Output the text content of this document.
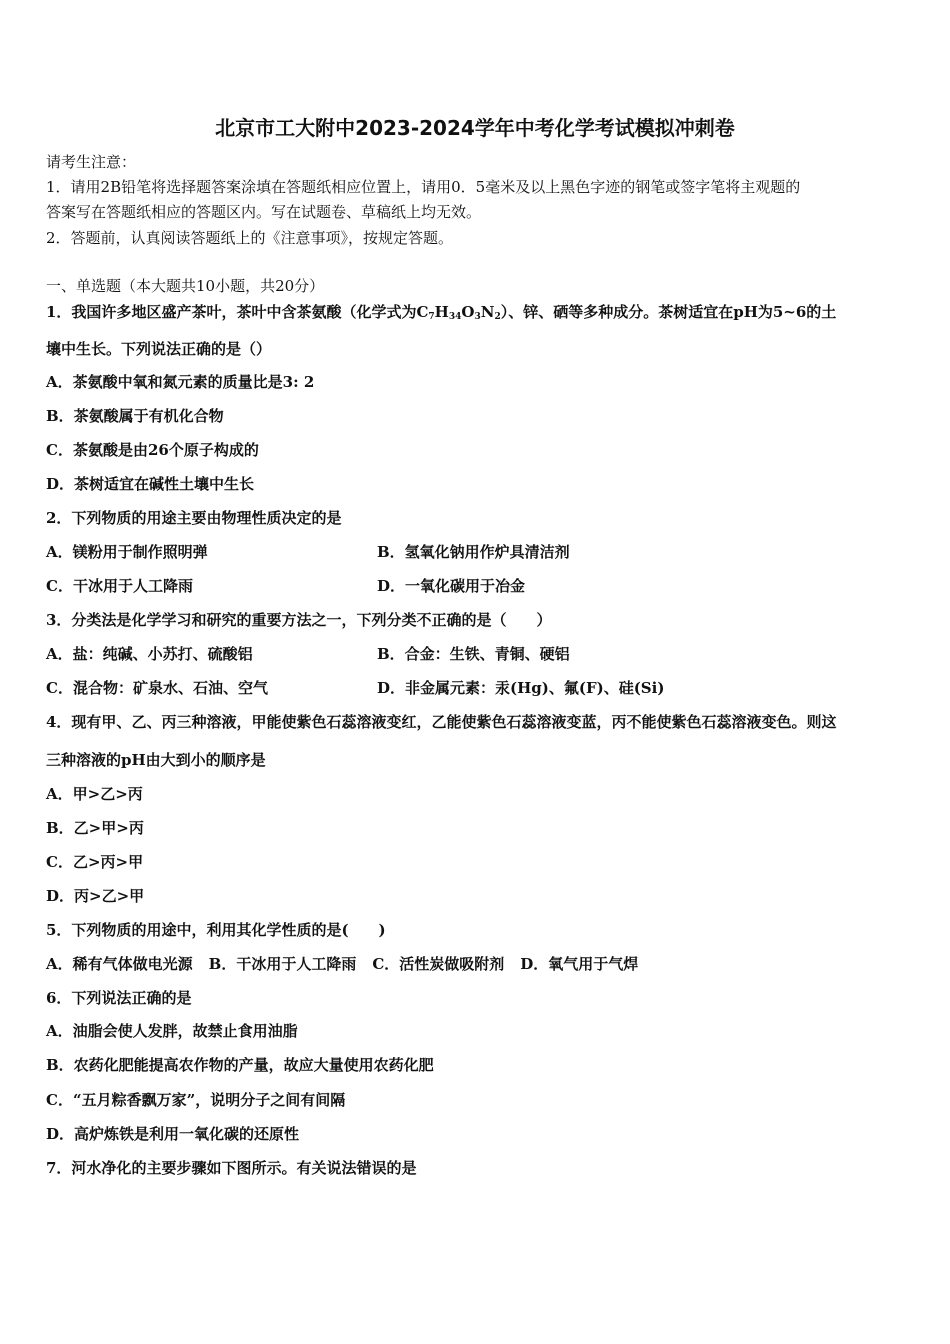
北京市工大附中2023-2024学年中考化学考试模拟冲刺卷
请考生注意：
1．请用2B铅笔将选择题答案涂填在答题纸相应位置上，请用0．5毫米及以上黑色字迹的钢笔或签字笔将主观题的
答案写在答题纸相应的答题区内。写在试题卷、草稿纸上均无效。
2．答题前，认真阅读答题纸上的《注意事项》，按规定答题。
一、单选题（本大题共10小题，共20分）
1．我国许多地区盛产茶叶，茶叶中含茶氨酸（化学式为$C_7H_{34}O_3N_2$）、锌、硒等多种成分。茶树适宜在pH为5~6的土
壤中生长。下列说法正确的是（）
A．茶氨酸中氧和氮元素的质量比是3: 2
B．茶氨酸属于有机化合物
C．茶氨酸是由26个原子构成的
D．茶树适宜在碱性土壤中生长
2．下列物质的用途主要由物理性质决定的是
A．镁粉用于制作照明弹	B．氢氧化钠用作炉具清洁剂
C．干冰用于人工降雨	D．一氧化碳用于冶金
3．分类法是化学学习和研究的重要方法之一，下列分类不正确的是（　　）
A．盐：纯碱、小苏打、硫酸铝	B．合金：生铁、青铜、硬铝
C．混合物：矿泉水、石油、空气	D．非金属元素：汞(Hg)、氟(F)、硅(Si)
4．现有甲、乙、丙三种溶液，甲能使紫色石蕊溶液变红，乙能使紫色石蕊溶液变蓝，丙不能使紫色石蕊溶液变色。则这
三种溶液的pH由大到小的顺序是
A．甲>乙>丙
B．乙>甲>丙
C．乙>丙>甲
D．丙>乙>甲
5．下列物质的用途中，利用其化学性质的是(　　)
A．稀有气体做电光源 B．干冰用于人工降雨 C．活性炭做吸附剂 D．氧气用于气焊
6．下列说法正确的是
A．油脂会使人发胖，故禁止食用油脂
B．农药化肥能提高农作物的产量，故应大量使用农药化肥
C．“五月粽香飘万家”，说明分子之间有间隔
D．高炉炼铁是利用一氧化碳的还原性
7．河水净化的主要步骤如下图所示。有关说法错误的是
